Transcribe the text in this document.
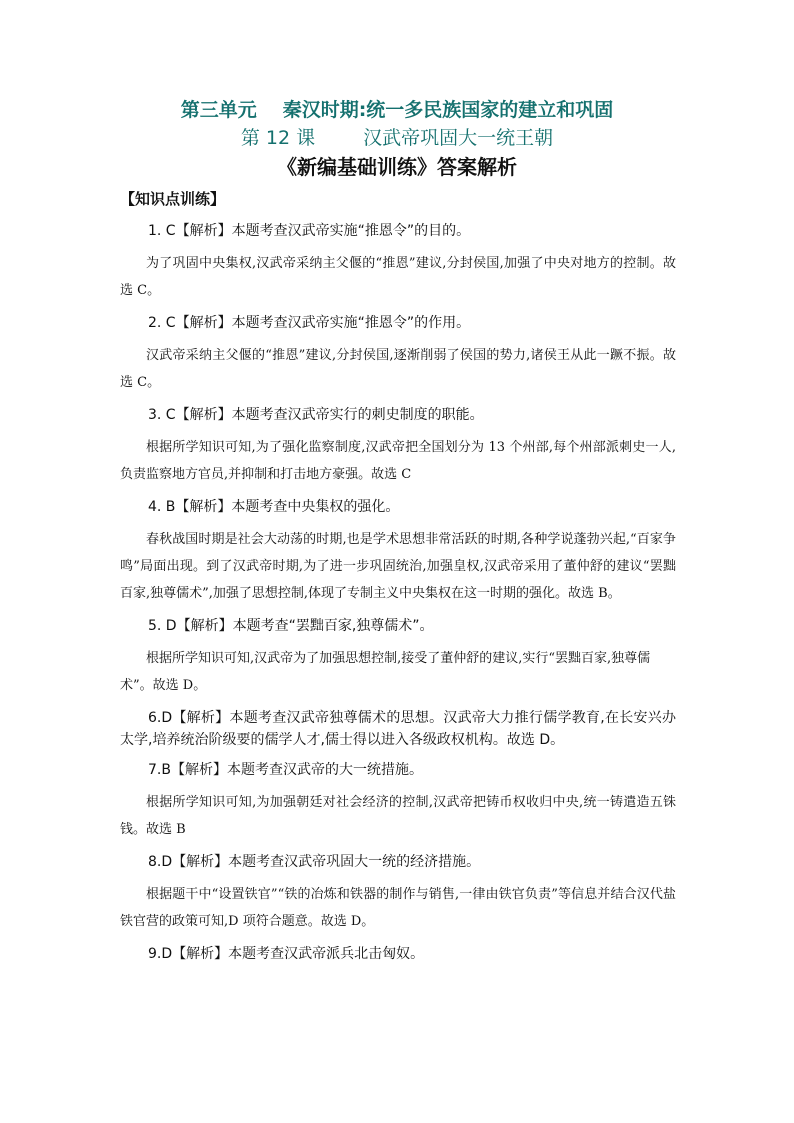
第三单元 秦汉时期:统一多民族国家的建立和巩固
第 12 课	汉武帝巩固大一统王朝
《新编基础训练》答案解析
【知识点训练】
1. C【解析】本题考查汉武帝实施“推恩令”的目的。
为了巩固中央集权,汉武帝采纳主父偃的“推恩”建议,分封侯国,加强了中央对地方的控制。故选 C。
2. C【解析】本题考查汉武帝实施“推恩令”的作用。
汉武帝采纳主父偃的“推恩”建议,分封侯国,逐渐削弱了侯国的势力,诸侯王从此一蹶不振。故选 C。
3. C【解析】本题考查汉武帝实行的刺史制度的职能。
根据所学知识可知,为了强化监察制度,汉武帝把全国划分为 13 个州部,每个州部派刺史一人,负责监察地方官员,并抑制和打击地方豪强。故选 C
4. B【解析】本题考查中央集权的强化。
春秋战国时期是社会大动荡的时期,也是学术思想非常活跃的时期,各种学说蓬勃兴起,“百家争鸣”局面出现。到了汉武帝时期,为了进一步巩固统治,加强皇权,汉武帝采用了董仲舒的建议“罢黜百家,独尊儒术”,加强了思想控制,体现了专制主义中央集权在这一时期的强化。故选 B。
5. D【解析】本题考查“罢黜百家,独尊儒术”。
根据所学知识可知,汉武帝为了加强思想控制,接受了董仲舒的建议,实行“罢黜百家,独尊儒术”。故选 D。
6.D【解析】本题考查汉武帝独尊儒术的思想。汉武帝大力推行儒学教育,在长安兴办太学,培养统治阶级要的儒学人才,儒士得以进入各级政权机构。故选 D。
7.B【解析】本题考查汉武帝的大一统措施。
根据所学知识可知,为加强朝廷对社会经济的控制,汉武帝把铸币权收归中央,统一铸遣造五铢钱。故选 B
8.D【解析】本题考查汉武帝巩固大一统的经济措施。
根据题干中“设置铁官”“铁的冶炼和铁器的制作与销售,一律由铁官负责”等信息并结合汉代盐铁官营的政策可知,D 项符合题意。故选 D。
9.D【解析】本题考查汉武帝派兵北击匈奴。
